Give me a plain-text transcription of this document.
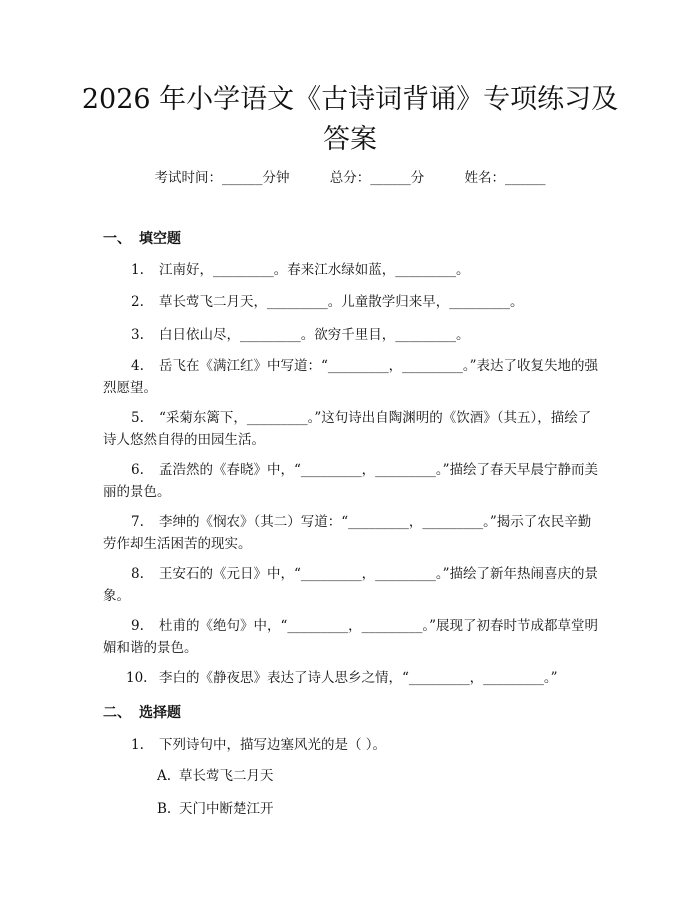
2026 年小学语文《古诗词背诵》专项练习及答案
考试时间：______分钟	总分：______分	姓名：______
一、 填空题
1. 江南好，_________。春来江水绿如蓝，_________。
2. 草长莺飞二月天，_________。儿童散学归来早，_________。
3. 白日依山尽，_________。欲穷千里目，_________。
4. 岳飞在《满江红》中写道：“_________，_________。”表达了收复失地的强烈愿望。
5. “采菊东篱下，_________。”这句诗出自陶渊明的《饮酒》（其五），描绘了诗人悠然自得的田园生活。
6. 孟浩然的《春晓》中，“_________，_________。”描绘了春天早晨宁静而美丽的景色。
7. 李绅的《悯农》（其二）写道：“_________，_________。”揭示了农民辛勤劳作却生活困苦的现实。
8. 王安石的《元日》中，“_________，_________。”描绘了新年热闹喜庆的景象。
9. 杜甫的《绝句》中，“_________，_________。”展现了初春时节成都草堂明媚和谐的景色。
10. 李白的《静夜思》表达了诗人思乡之情，“_________，_________。”
二、 选择题
1. 下列诗句中，描写边塞风光的是（ ）。
A. 草长莺飞二月天
B. 天门中断楚江开
